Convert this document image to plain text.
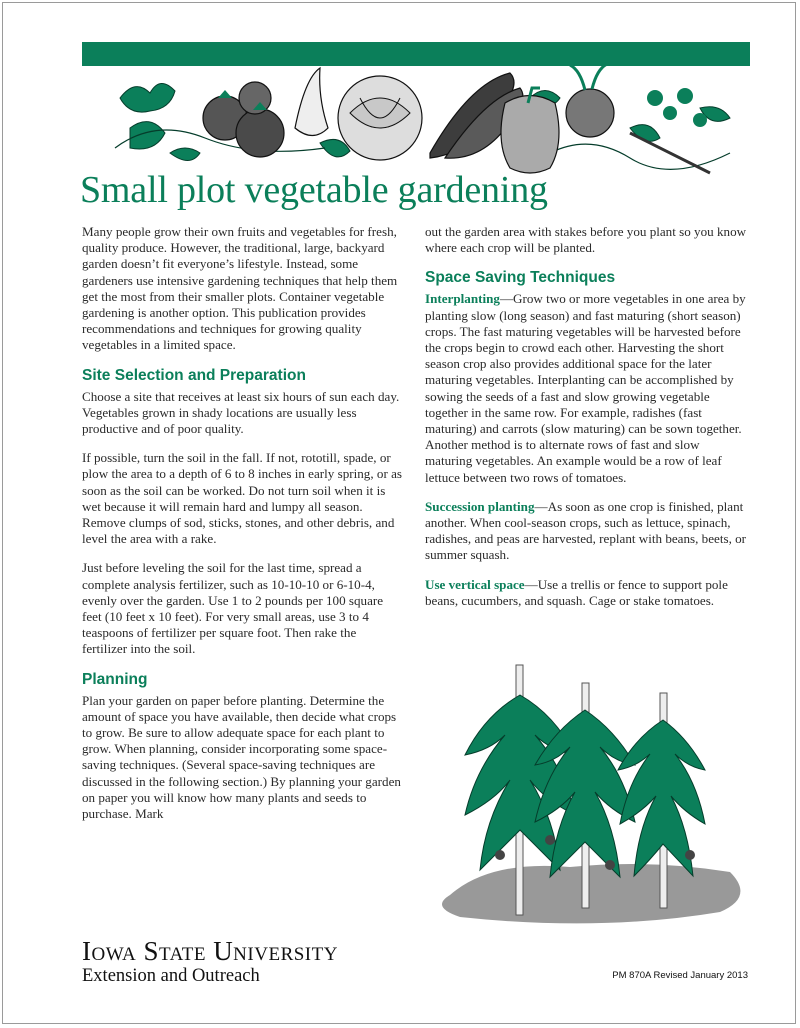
Small plot vegetable gardening

Many people grow their own fruits and vegetables for fresh, quality produce. However, the traditional, large, backyard garden doesn’t fit everyone’s lifestyle. Instead, some gardeners use intensive gardening techniques that help them get the most from their smaller plots. Container vegetable gardening is another option. This publication provides recommendations and techniques for growing quality vegetables in a limited space.

Site Selection and Preparation

Choose a site that receives at least six hours of sun each day. Vegetables grown in shady locations are usually less productive and of poor quality.

If possible, turn the soil in the fall. If not, rototill, spade, or plow the area to a depth of 6 to 8 inches in early spring, or as soon as the soil can be worked. Do not turn soil when it is wet because it will remain hard and lumpy all season. Remove clumps of sod, sticks, stones, and other debris, and level the area with a rake.

Just before leveling the soil for the last time, spread a complete analysis fertilizer, such as 10-10-10 or 6-10-4, evenly over the garden. Use 1 to 2 pounds per 100 square feet (10 feet x 10 feet). For very small areas, use 3 to 4 teaspoons of fertilizer per square foot. Then rake the fertilizer into the soil.

Planning

Plan your garden on paper before planting. Determine the amount of space you have available, then decide what crops to grow. Be sure to allow adequate space for each plant to grow. When planning, consider incorporating some space-saving techniques. (Several space-saving techniques are discussed in the following section.) By planning your garden on paper you will know how many plants and seeds to purchase. Mark

out the garden area with stakes before you plant so you know where each crop will be planted.

Space Saving Techniques

Interplanting—Grow two or more vegetables in one area by planting slow (long season) and fast maturing (short season) crops. The fast maturing vegetables will be harvested before the crops begin to crowd each other. Harvesting the short season crop also provides additional space for the later maturing vegetables. Interplanting can be accomplished by sowing the seeds of a fast and slow growing vegetable together in the same row. For example, radishes (fast maturing) and carrots (slow maturing) can be sown together. Another method is to alternate rows of fast and slow maturing vegetables. An example would be a row of leaf lettuce between two rows of tomatoes.

Succession planting—As soon as one crop is finished, plant another. When cool-season crops, such as lettuce, spinach, radishes, and peas are harvested, replant with beans, beets, or summer squash.

Use vertical space—Use a trellis or fence to support pole beans, cucumbers, and squash. Cage or stake tomatoes.

Iowa State University

Extension and Outreach	PM 870A Revised January 2013
